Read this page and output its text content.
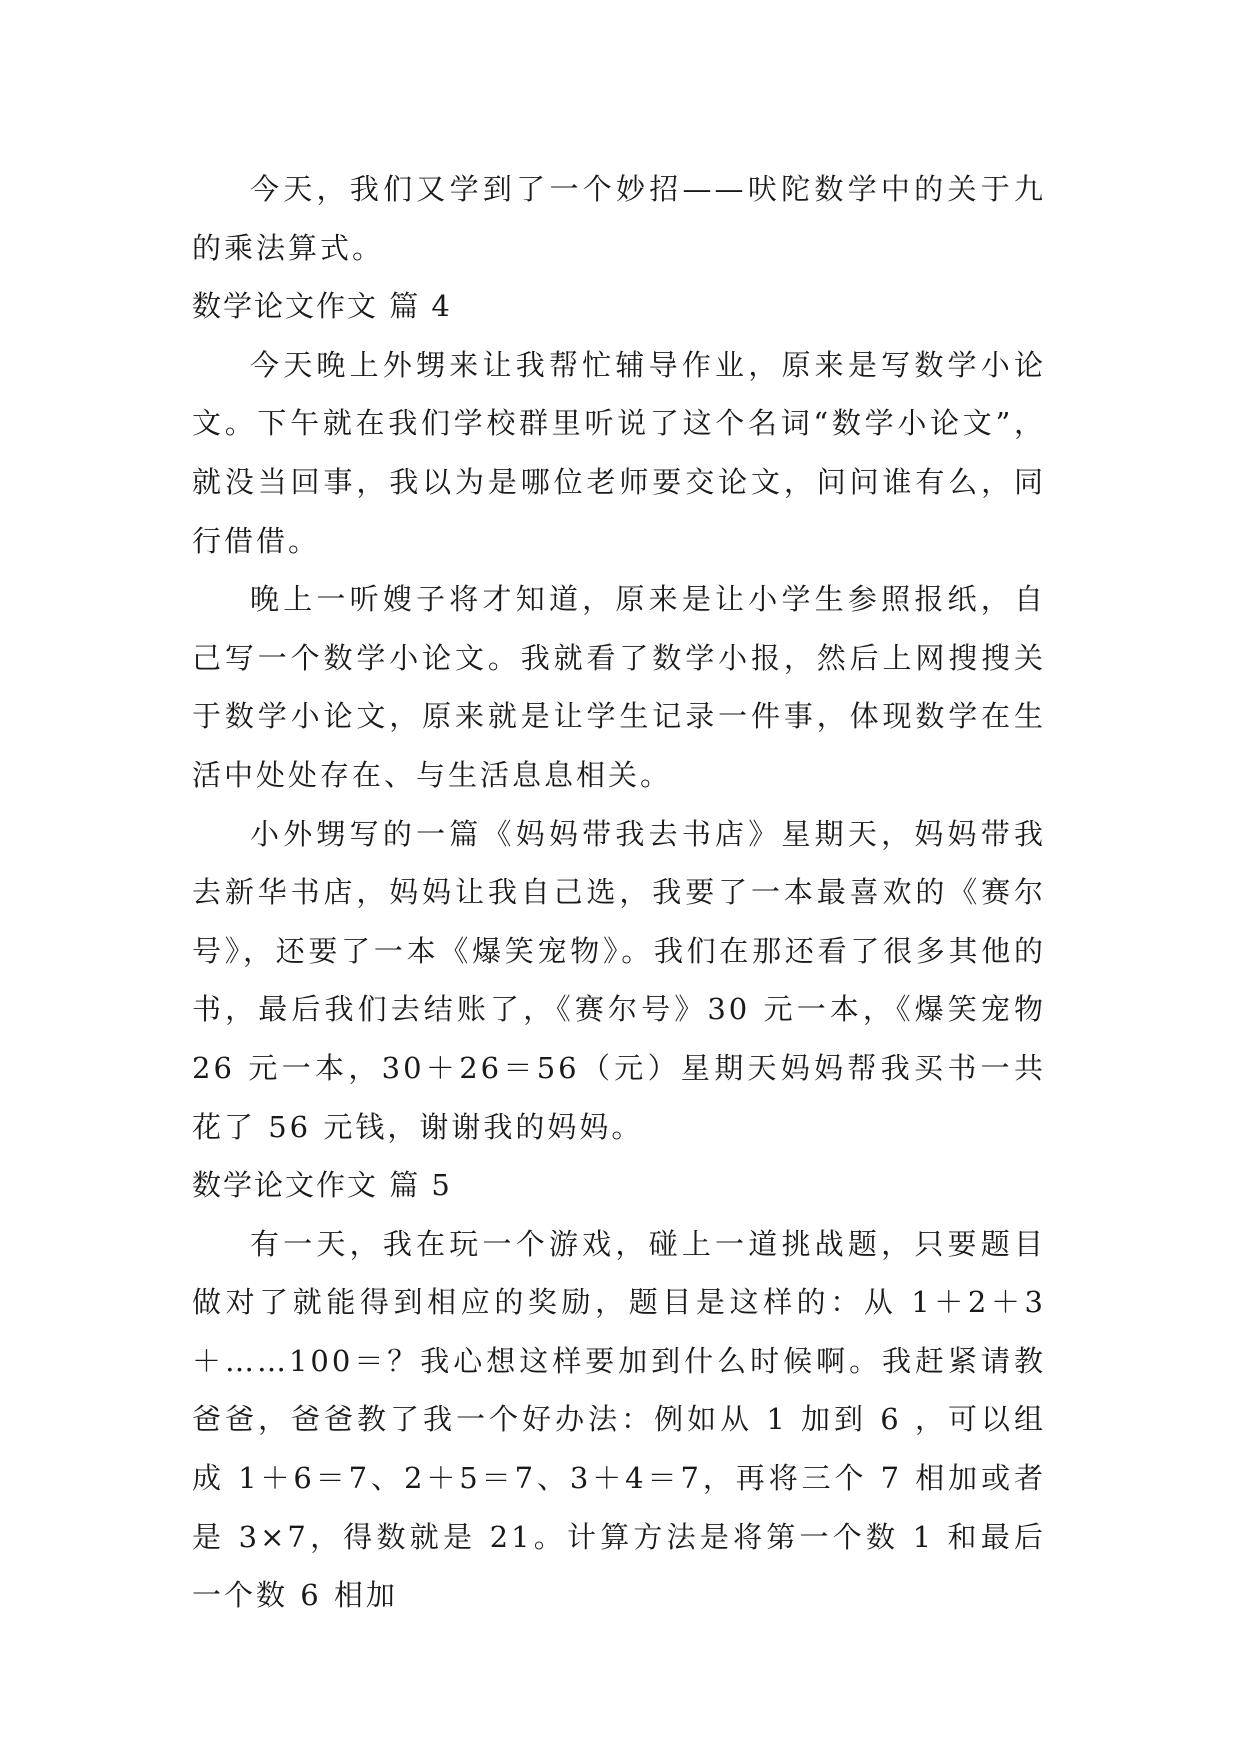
今天，我们又学到了一个妙招——吠陀数学中的关于九的乘法算式。

数学论文作文 篇 4

今天晚上外甥来让我帮忙辅导作业，原来是写数学小论文。下午就在我们学校群里听说了这个名词“数学小论文”，就没当回事，我以为是哪位老师要交论文，问问谁有么，同行借借。

晚上一听嫂子将才知道，原来是让小学生参照报纸，自己写一个数学小论文。我就看了数学小报，然后上网搜搜关于数学小论文，原来就是让学生记录一件事，体现数学在生活中处处存在、与生活息息相关。

小外甥写的一篇《妈妈带我去书店》星期天，妈妈带我去新华书店，妈妈让我自己选，我要了一本最喜欢的《赛尔号》，还要了一本《爆笑宠物》。我们在那还看了很多其他的书，最后我们去结账了，《赛尔号》30 元一本，《爆笑宠物 26 元一本，30＋26＝56（元）星期天妈妈帮我买书一共花了 56 元钱，谢谢我的妈妈。

数学论文作文 篇 5

有一天，我在玩一个游戏，碰上一道挑战题，只要题目做对了就能得到相应的奖励，题目是这样的：从 1＋2＋3＋……100＝？我心想这样要加到什么时候啊。我赶紧请教爸爸，爸爸教了我一个好办法：例如从 1 加到 6 ，可以组成 1＋6＝7、2＋5＝7、3＋4＝7，再将三个 7 相加或者是 3×7，得数就是 21。计算方法是将第一个数 1 和最后一个数 6 相加
